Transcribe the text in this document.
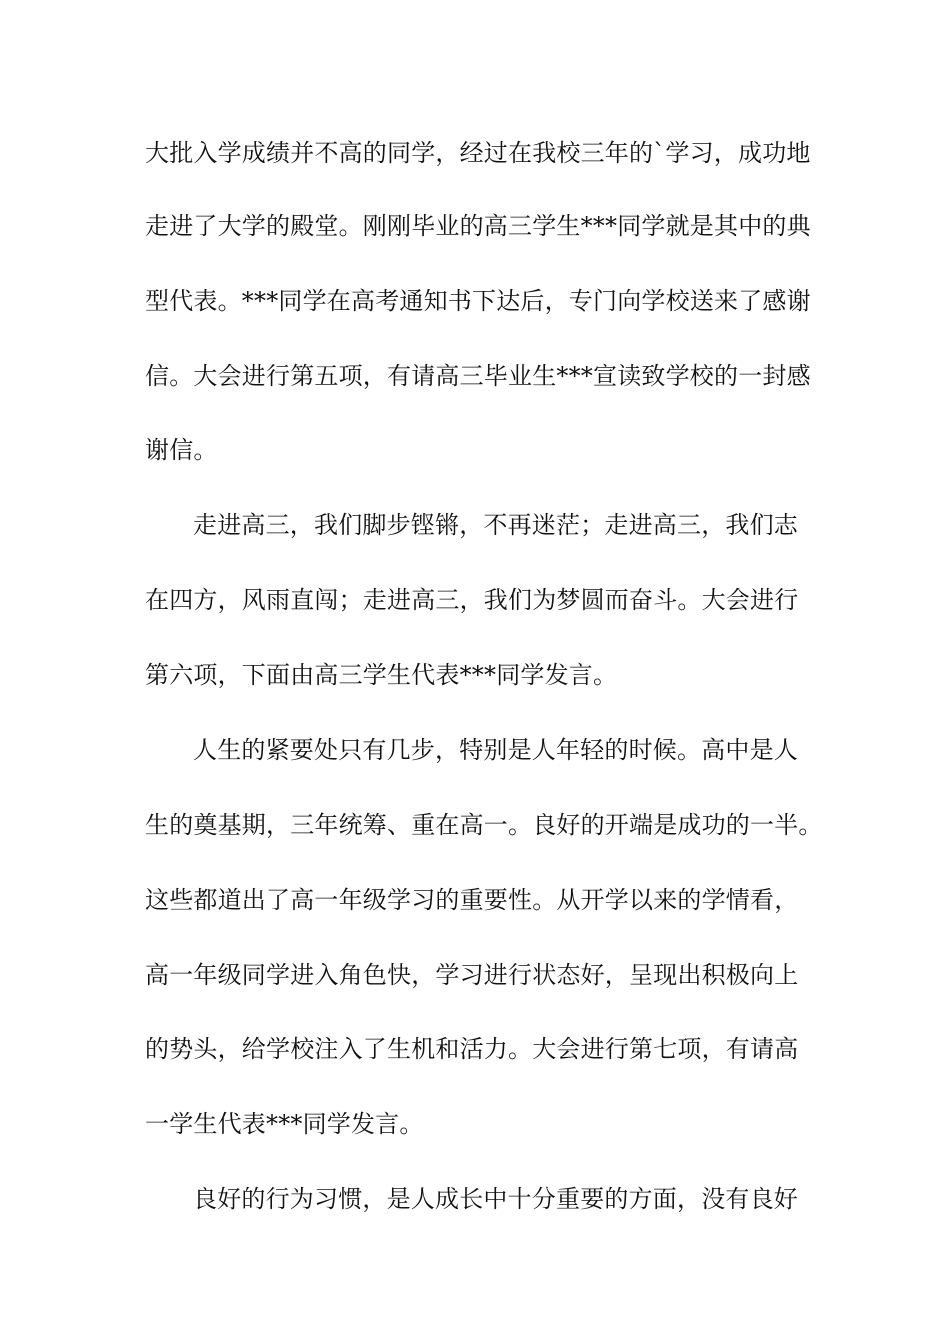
大批入学成绩并不高的同学，经过在我校三年的`学习，成功地
走进了大学的殿堂。刚刚毕业的高三学生***同学就是其中的典
型代表。***同学在高考通知书下达后，专门向学校送来了感谢
信。大会进行第五项，有请高三毕业生***宣读致学校的一封感
谢信。
走进高三，我们脚步铿锵，不再迷茫；走进高三，我们志
在四方，风雨直闯；走进高三，我们为梦圆而奋斗。大会进行
第六项，下面由高三学生代表***同学发言。
人生的紧要处只有几步，特别是人年轻的时候。高中是人
生的奠基期，三年统筹、重在高一。良好的开端是成功的一半。
这些都道出了高一年级学习的重要性。从开学以来的学情看，
高一年级同学进入角色快，学习进行状态好，呈现出积极向上
的势头，给学校注入了生机和活力。大会进行第七项，有请高
一学生代表***同学发言。
良好的行为习惯，是人成长中十分重要的方面，没有良好
